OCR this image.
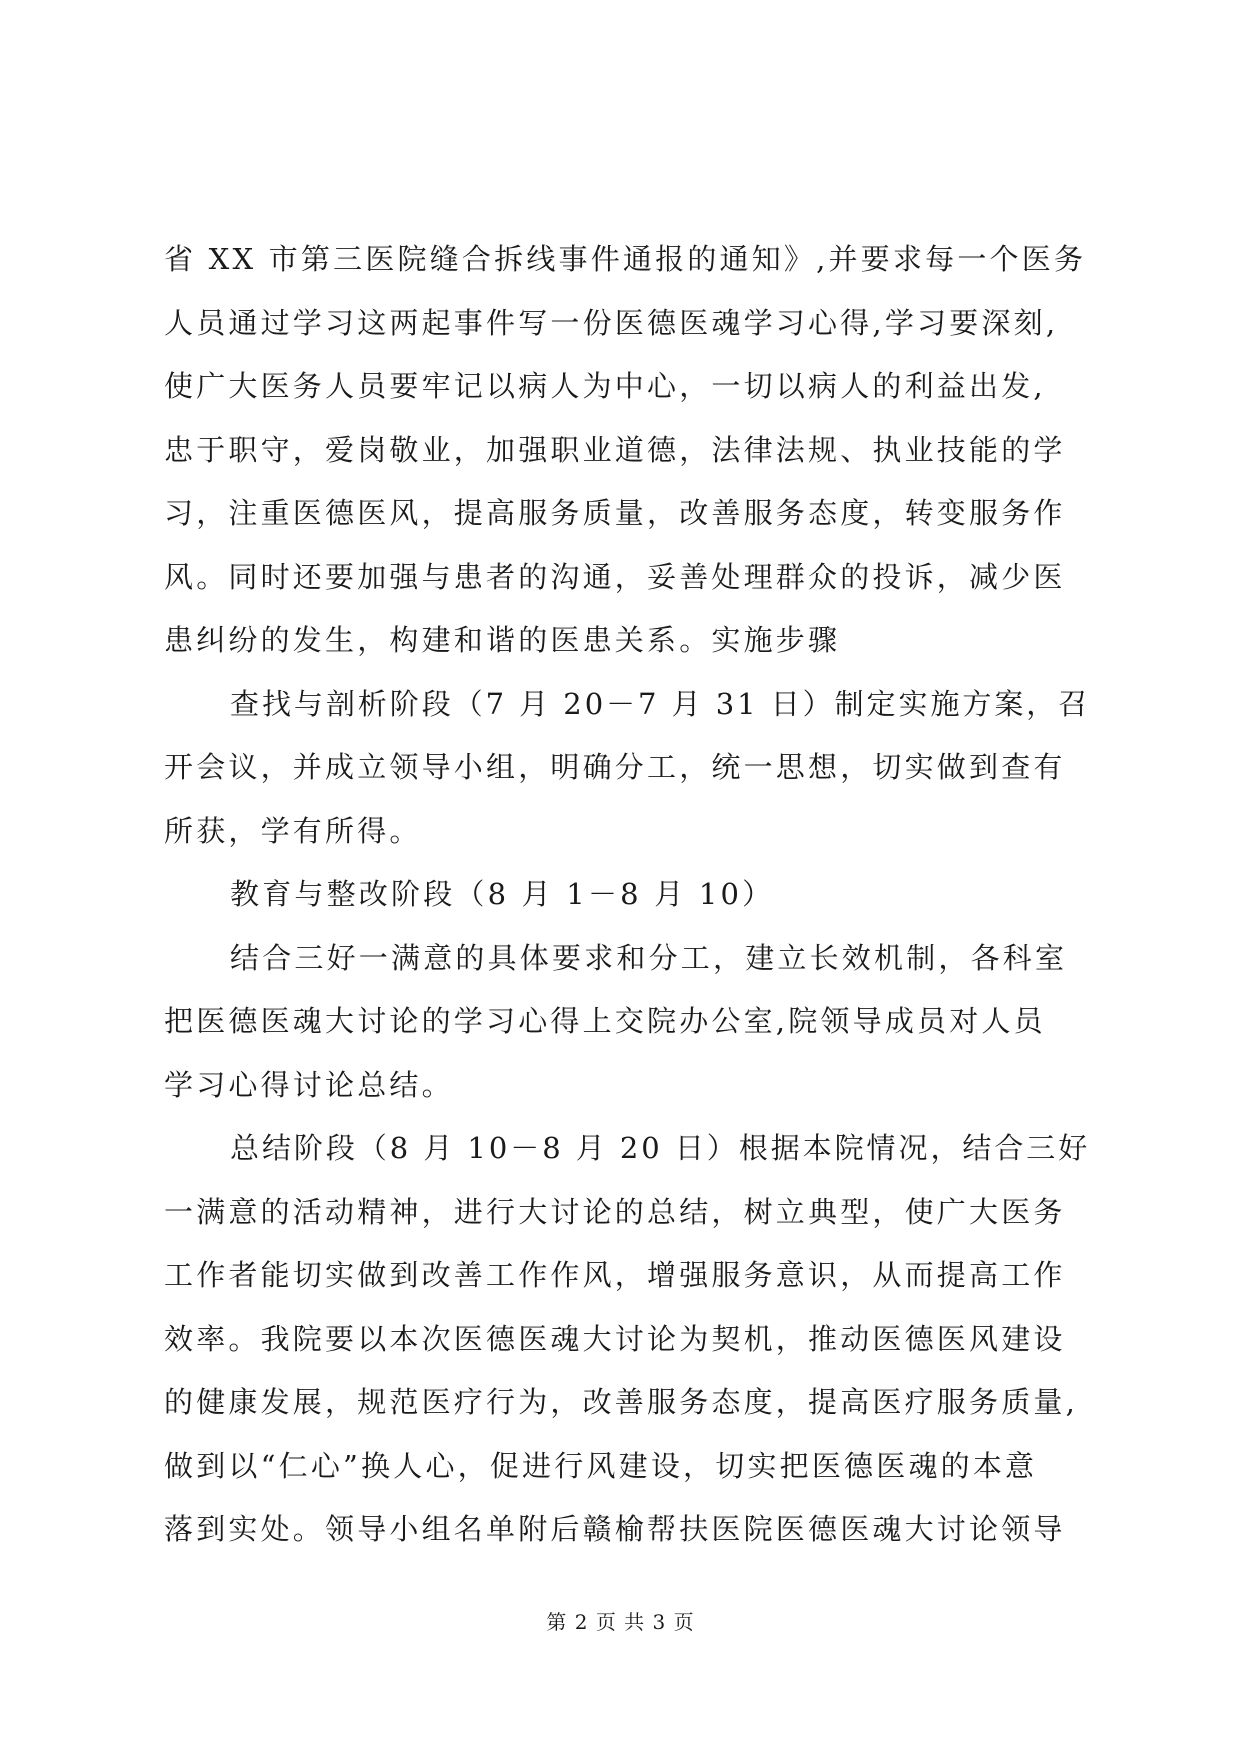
省 XX 市第三医院缝合拆线事件通报的通知》,并要求每一个医务
人员通过学习这两起事件写一份医德医魂学习心得,学习要深刻,
使广大医务人员要牢记以病人为中心，一切以病人的利益出发,
忠于职守，爱岗敬业，加强职业道德，法律法规、执业技能的学
习，注重医德医风，提高服务质量，改善服务态度，转变服务作
风。同时还要加强与患者的沟通，妥善处理群众的投诉，减少医
患纠纷的发生，构建和谐的医患关系。实施步骤
查找与剖析阶段（7 月 20－7 月 31 日）制定实施方案，召
开会议，并成立领导小组，明确分工，统一思想，切实做到查有
所获，学有所得。
教育与整改阶段（8 月 1－8 月 10）
结合三好一满意的具体要求和分工，建立长效机制，各科室
把医德医魂大讨论的学习心得上交院办公室,院领导成员对人员
学习心得讨论总结。
总结阶段（8 月 10－8 月 20 日）根据本院情况，结合三好
一满意的活动精神，进行大讨论的总结，树立典型，使广大医务
工作者能切实做到改善工作作风，增强服务意识，从而提高工作
效率。我院要以本次医德医魂大讨论为契机，推动医德医风建设
的健康发展，规范医疗行为，改善服务态度，提高医疗服务质量,
做到以“仁心”换人心，促进行风建设，切实把医德医魂的本意
落到实处。领导小组名单附后赣榆帮扶医院医德医魂大讨论领导
第 2 页 共 3 页
